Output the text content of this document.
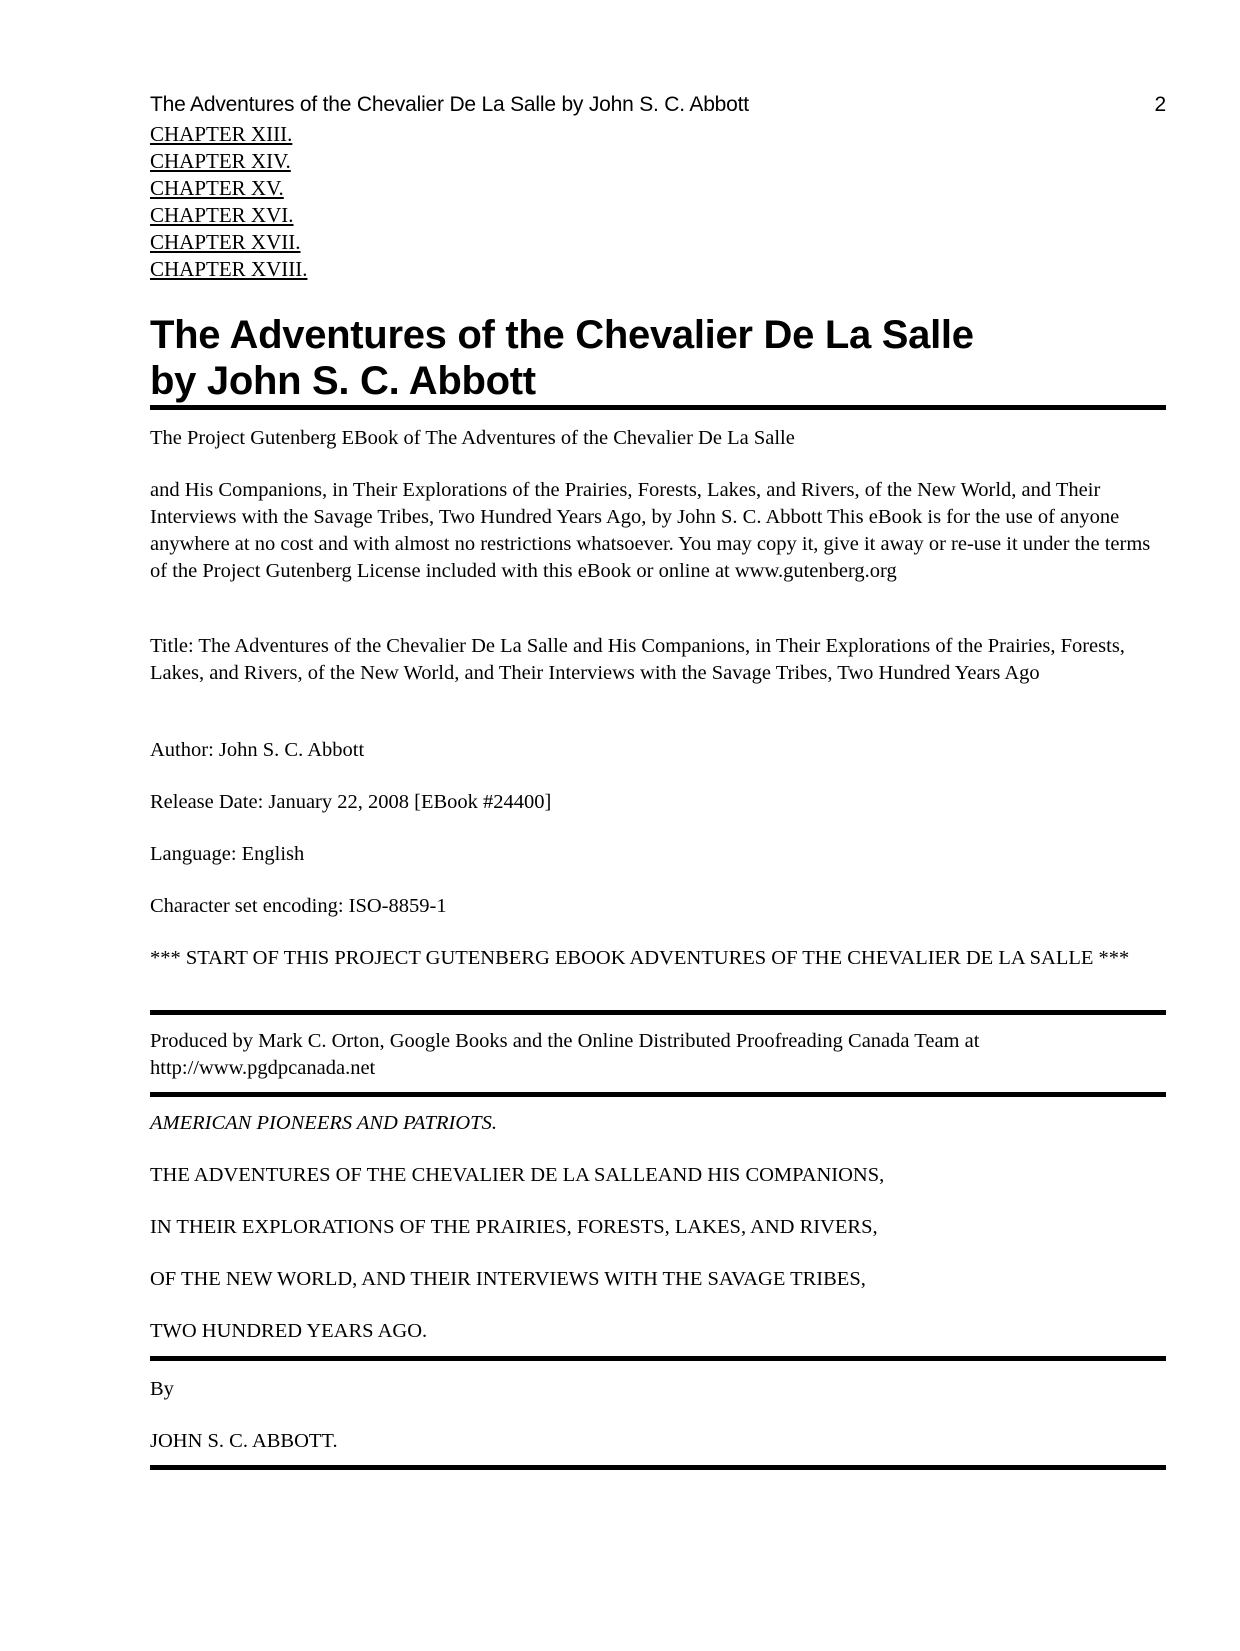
The Adventures of the Chevalier De La Salle by John S. C. Abbott	2
CHAPTER XIII.
CHAPTER XIV.
CHAPTER XV.
CHAPTER XVI.
CHAPTER XVII.
CHAPTER XVIII.
The Adventures of the Chevalier De La Salle
by John S. C. Abbott

The Project Gutenberg EBook of The Adventures of the Chevalier De La Salle

and His Companions, in Their Explorations of the Prairies, Forests, Lakes, and Rivers, of the New World, and Their Interviews with the Savage Tribes, Two Hundred Years Ago, by John S. C. Abbott This eBook is for the use of anyone anywhere at no cost and with almost no restrictions whatsoever. You may copy it, give it away or re-use it under the terms of the Project Gutenberg License included with this eBook or online at www.gutenberg.org

Title: The Adventures of the Chevalier De La Salle and His Companions, in Their Explorations of the Prairies, Forests, Lakes, and Rivers, of the New World, and Their Interviews with the Savage Tribes, Two Hundred Years Ago

Author: John S. C. Abbott

Release Date: January 22, 2008 [EBook #24400]

Language: English

Character set encoding: ISO-8859-1

*** START OF THIS PROJECT GUTENBERG EBOOK ADVENTURES OF THE CHEVALIER DE LA SALLE ***

Produced by Mark C. Orton, Google Books and the Online Distributed Proofreading Canada Team at http://www.pgdpcanada.net

AMERICAN PIONEERS AND PATRIOTS.

THE ADVENTURES OF THE CHEVALIER DE LA SALLEAND HIS COMPANIONS,

IN THEIR EXPLORATIONS OF THE PRAIRIES, FORESTS, LAKES, AND RIVERS,

OF THE NEW WORLD, AND THEIR INTERVIEWS WITH THE SAVAGE TRIBES,

TWO HUNDRED YEARS AGO.

By

JOHN S. C. ABBOTT.
